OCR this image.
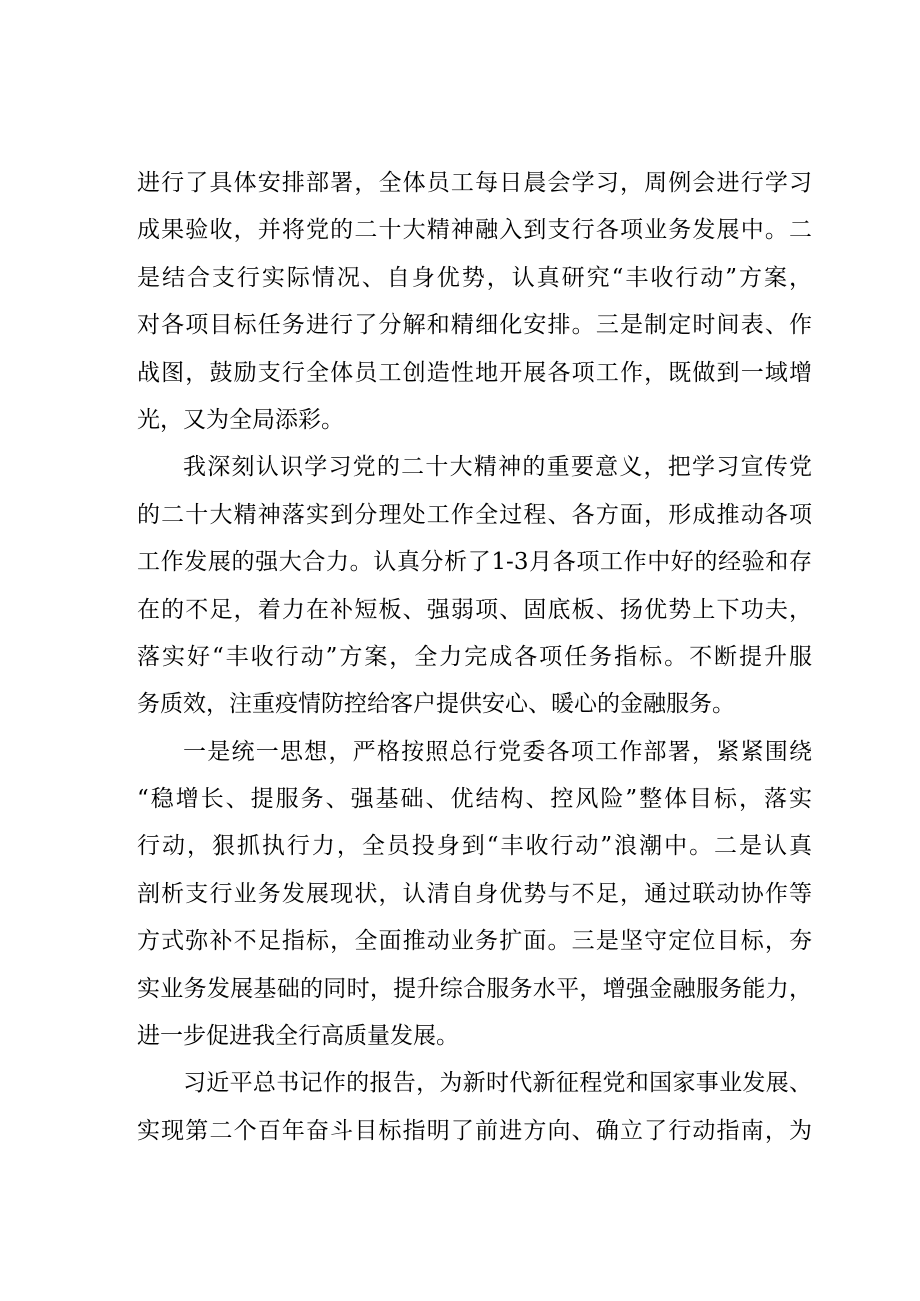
进行了具体安排部署，全体员工每日晨会学习，周例会进行学习
成果验收，并将党的二十大精神融入到支行各项业务发展中。二
是结合支行实际情况、自身优势，认真研究“丰收行动”方案，
对各项目标任务进行了分解和精细化安排。三是制定时间表、作
战图，鼓励支行全体员工创造性地开展各项工作，既做到一域增
光，又为全局添彩。
我深刻认识学习党的二十大精神的重要意义，把学习宣传党
的二十大精神落实到分理处工作全过程、各方面，形成推动各项
工作发展的强大合力。认真分析了1-3月各项工作中好的经验和存
在的不足，着力在补短板、强弱项、固底板、扬优势上下功夫，
落实好“丰收行动”方案，全力完成各项任务指标。不断提升服
务质效，注重疫情防控给客户提供安心、暖心的金融服务。
一是统一思想，严格按照总行党委各项工作部署，紧紧围绕
“稳增长、提服务、强基础、优结构、控风险”整体目标，落实
行动，狠抓执行力，全员投身到“丰收行动”浪潮中。二是认真
剖析支行业务发展现状，认清自身优势与不足，通过联动协作等
方式弥补不足指标，全面推动业务扩面。三是坚守定位目标，夯
实业务发展基础的同时，提升综合服务水平，增强金融服务能力，
进一步促进我全行高质量发展。
习近平总书记作的报告，为新时代新征程党和国家事业发展、
实现第二个百年奋斗目标指明了前进方向、确立了行动指南，为
